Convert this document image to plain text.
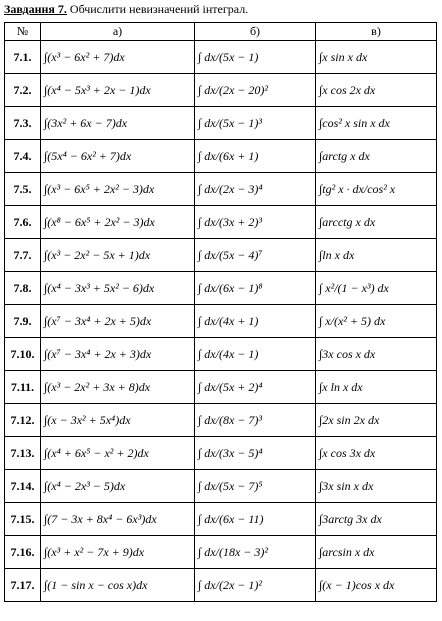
Завдання 7. Обчислити невизначений інтеграл.
№	а)	б)	в)
7.1.	∫(x³ − 6x² + 7)dx	∫ dx/(5x − 1)	∫x sin x dx
7.2.	∫(x⁴ − 5x³ + 2x − 1)dx	∫ dx/(2x − 20)²	∫x cos 2x dx
7.3.	∫(3x² + 6x − 7)dx	∫ dx/(5x − 1)³	∫cos² x sin x dx
7.4.	∫(5x⁴ − 6x² + 7)dx	∫ dx/(6x + 1)	∫arctg x dx
7.5.	∫(x³ − 6x⁵ + 2x² − 3)dx	∫ dx/(2x − 3)⁴	∫tg² x · dx/cos² x
7.6.	∫(x⁸ − 6x⁵ + 2x² − 3)dx	∫ dx/(3x + 2)³	∫arcctg x dx
7.7.	∫(x³ − 2x² − 5x + 1)dx	∫ dx/(5x − 4)⁷	∫ln x dx
7.8.	∫(x⁴ − 3x³ + 5x² − 6)dx	∫ dx/(6x − 1)⁸	∫ x²/(1 − x³) dx
7.9.	∫(x⁷ − 3x⁴ + 2x + 5)dx	∫ dx/(4x + 1)	∫ x/(x² + 5) dx
7.10.	∫(x⁷ − 3x⁴ + 2x + 3)dx	∫ dx/(4x − 1)	∫3x cos x dx
7.11.	∫(x³ − 2x² + 3x + 8)dx	∫ dx/(5x + 2)⁴	∫x ln x dx
7.12.	∫(x − 3x² + 5x⁴)dx	∫ dx/(8x − 7)³	∫2x sin 2x dx
7.13.	∫(x⁴ + 6x⁵ − x² + 2)dx	∫ dx/(3x − 5)⁴	∫x cos 3x dx
7.14.	∫(x⁴ − 2x³ − 5)dx	∫ dx/(5x − 7)⁵	∫3x sin x dx
7.15.	∫(7 − 3x + 8x⁴ − 6x³)dx	∫ dx/(6x − 11)	∫3arctg 3x dx
7.16.	∫(x³ + x² − 7x + 9)dx	∫ dx/(18x − 3)²	∫arcsin x dx
7.17.	∫(1 − sin x − cos x)dx	∫ dx/(2x − 1)²	∫(x − 1)cos x dx
